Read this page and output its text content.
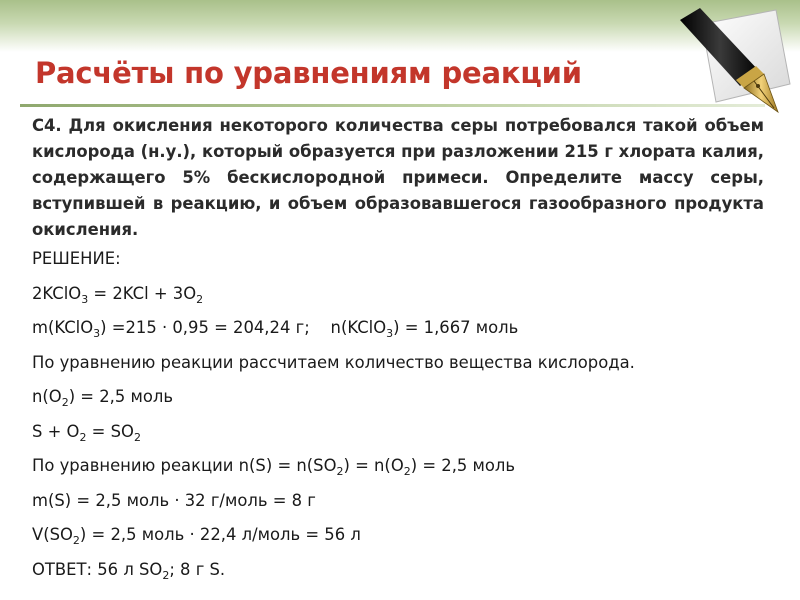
Расчёты по уравнениям реакций

С4. Для окисления некоторого количества серы потребовался такой объем кислорода (н.у.), который образуется при разложении 215 г хлората калия, содержащего 5% бескислородной примеси. Определите массу серы, вступившей в реакцию, и объем образовавшегося газообразного продукта окисления.

РЕШЕНИЕ:
2KClO$_3$ = $2KCl + 3O_2$
m(KClO$_3$) =215 · 0,95 = 204,24 г;    n(KClO$_3$) = 1,667 моль
По уравнению реакции рассчитаем количество вещества кислорода.
$n(O_2) = 2,5$ моль
$S + O_2 = SO_2$
По уравнению реакции $n(S) = n(SO_2) = n(O_2) = 2,5$ моль
m(S) = 2,5 моль · 32 г/моль = 8 г
$V(SO_2) = 2,5$ моль · 22,4 л/моль = 56 л
ОТВЕТ: 56 л $SO_2$; 8 г S.
